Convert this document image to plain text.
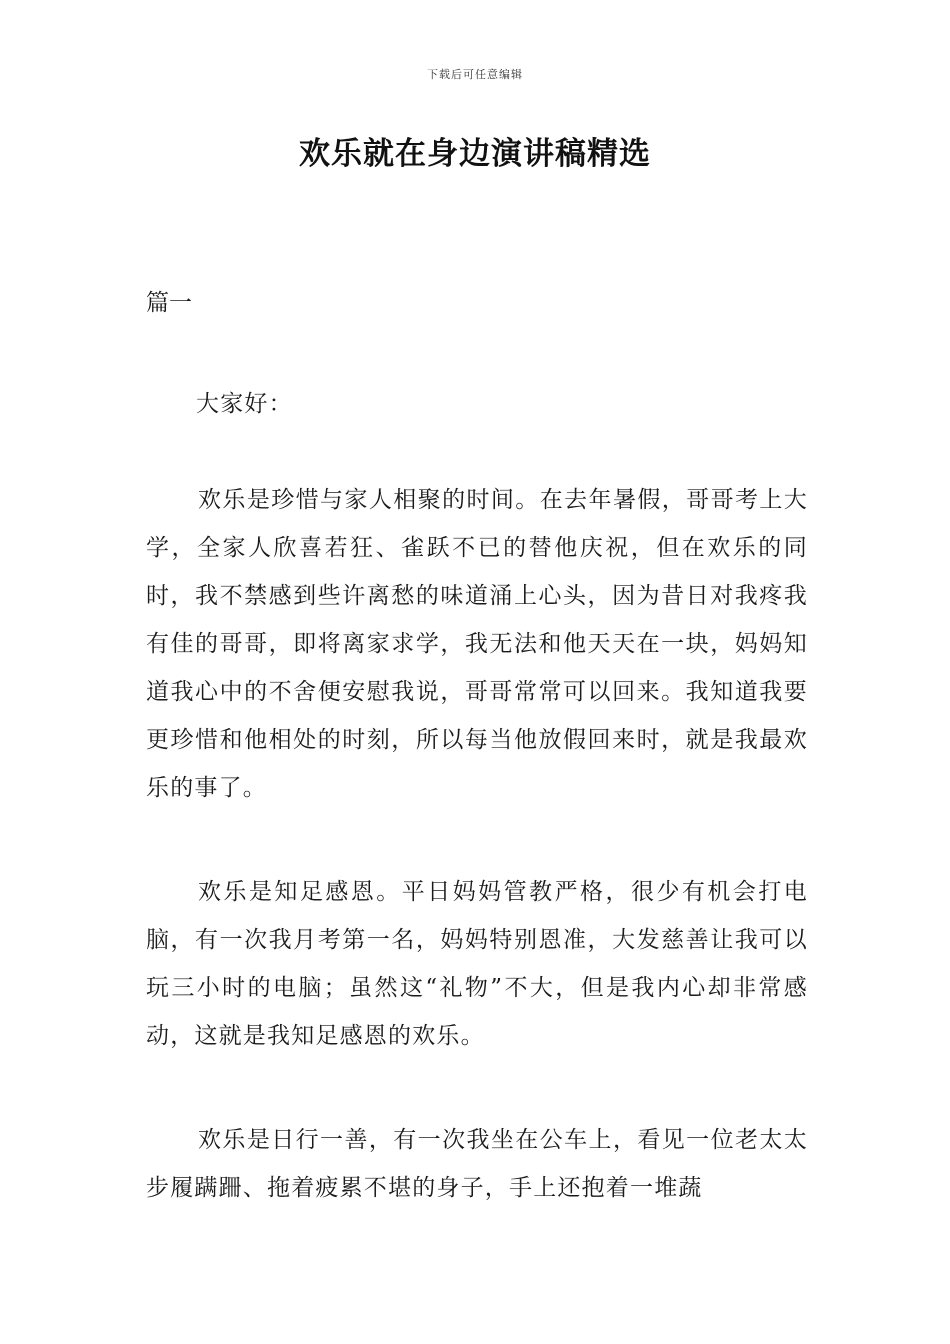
下载后可任意编辑
欢乐就在身边演讲稿精选
篇一
大家好：

欢乐是珍惜与家人相聚的时间。在去年暑假，哥哥考上大学，全家人欣喜若狂、雀跃不已的替他庆祝，但在欢乐的同时，我不禁感到些许离愁的味道涌上心头，因为昔日对我疼我有佳的哥哥，即将离家求学，我无法和他天天在一块，妈妈知道我心中的不舍便安慰我说，哥哥常常可以回来。我知道我要更珍惜和他相处的时刻，所以每当他放假回来时，就是我最欢乐的事了。

欢乐是知足感恩。平日妈妈管教严格，很少有机会打电脑，有一次我月考第一名，妈妈特别恩准，大发慈善让我可以玩三小时的电脑；虽然这“礼物”不大，但是我内心却非常感动，这就是我知足感恩的欢乐。

欢乐是日行一善，有一次我坐在公车上，看见一位老太太步履蹒跚、拖着疲累不堪的身子，手上还抱着一堆蔬
